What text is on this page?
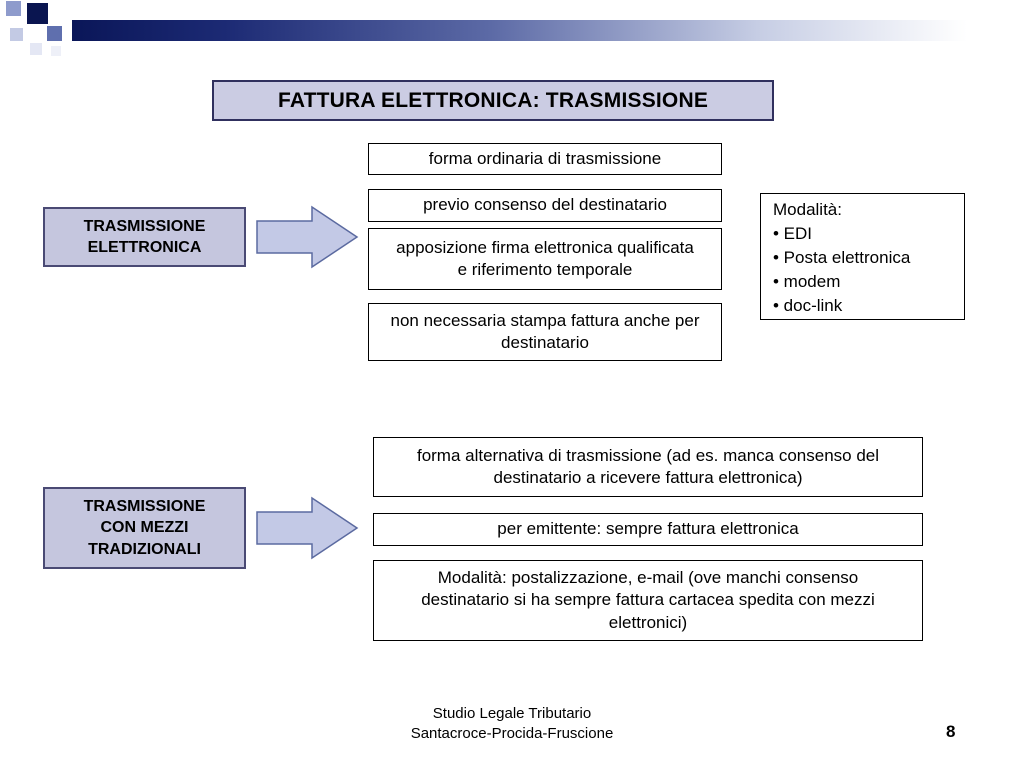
FATTURA ELETTRONICA: TRASMISSIONE
TRASMISSIONE
ELETTRONICA
forma ordinaria di trasmissione
previo consenso del destinatario
apposizione firma elettronica qualificata e riferimento temporale
non necessaria stampa fattura anche per destinatario
Modalità:
• EDI
• Posta elettronica
• modem
• doc-link
TRASMISSIONE
CON MEZZI
TRADIZIONALI
forma alternativa di trasmissione (ad es. manca consenso del destinatario a ricevere fattura elettronica)
per emittente: sempre fattura elettronica
Modalità: postalizzazione, e-mail (ove manchi consenso destinatario si ha sempre fattura cartacea spedita con mezzi elettronici)
Studio Legale Tributario
Santacroce-Procida-Fruscione	8
